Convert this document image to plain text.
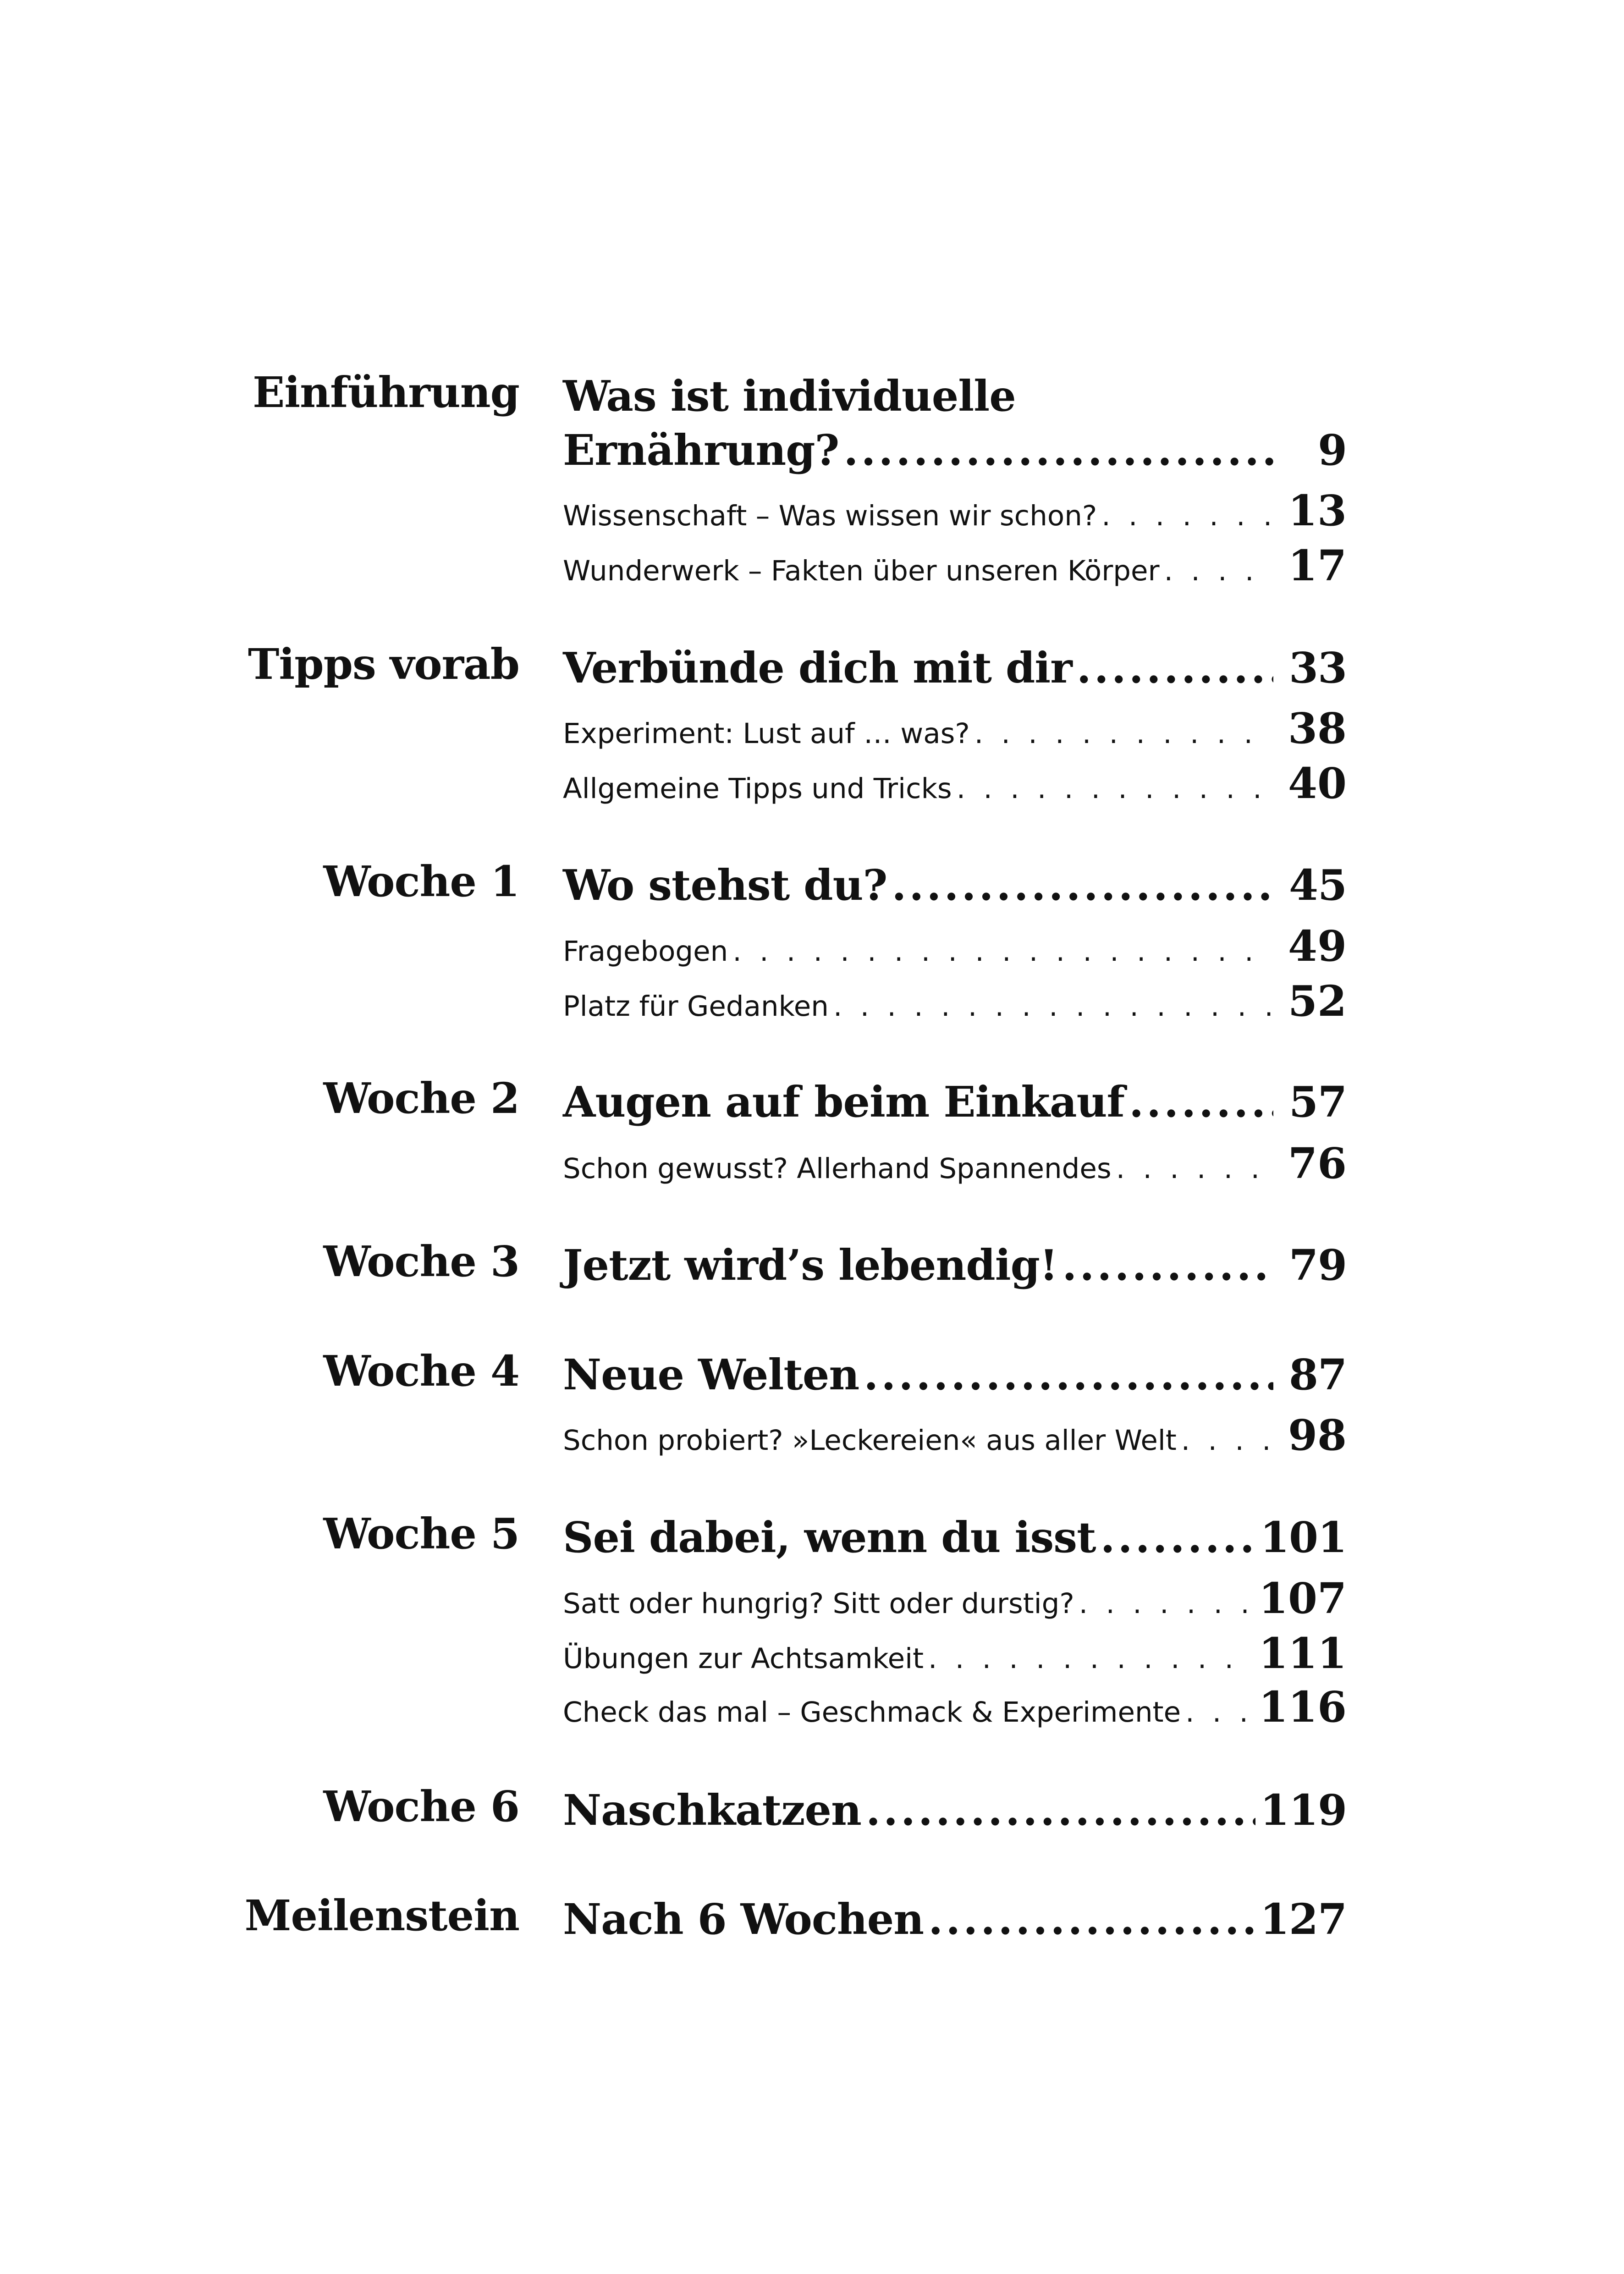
Einführung Was ist individuelle
Ernährung? .....	9
Wissenschaft – Was wissen wir schon? . . .	13
Wunderwerk – Fakten über unseren Körper . . .	17
Tipps vorab Verbünde dich mit dir .....	33
Experiment: Lust auf … was? . . .	38
Allgemeine Tipps und Tricks . . .	40
Woche 1 Wo stehst du? .....	45
Fragebogen . . .	49
Platz für Gedanken . . .	52
Woche 2 Augen auf beim Einkauf .....	57
Schon gewusst? Allerhand Spannendes . . .	76
Woche 3 Jetzt wird’s lebendig! .....	79
Woche 4 Neue Welten .....	87
Schon probiert? »Leckereien« aus aller Welt . . .	98
Woche 5 Sei dabei, wenn du isst .....	101
Satt oder hungrig? Sitt oder durstig? . . .	107
Übungen zur Achtsamkeit . . .	111
Check das mal – Geschmack & Experimente . . . 116
Woche 6 Naschkatzen .....	119
Meilenstein Nach 6 Wochen .....	127
